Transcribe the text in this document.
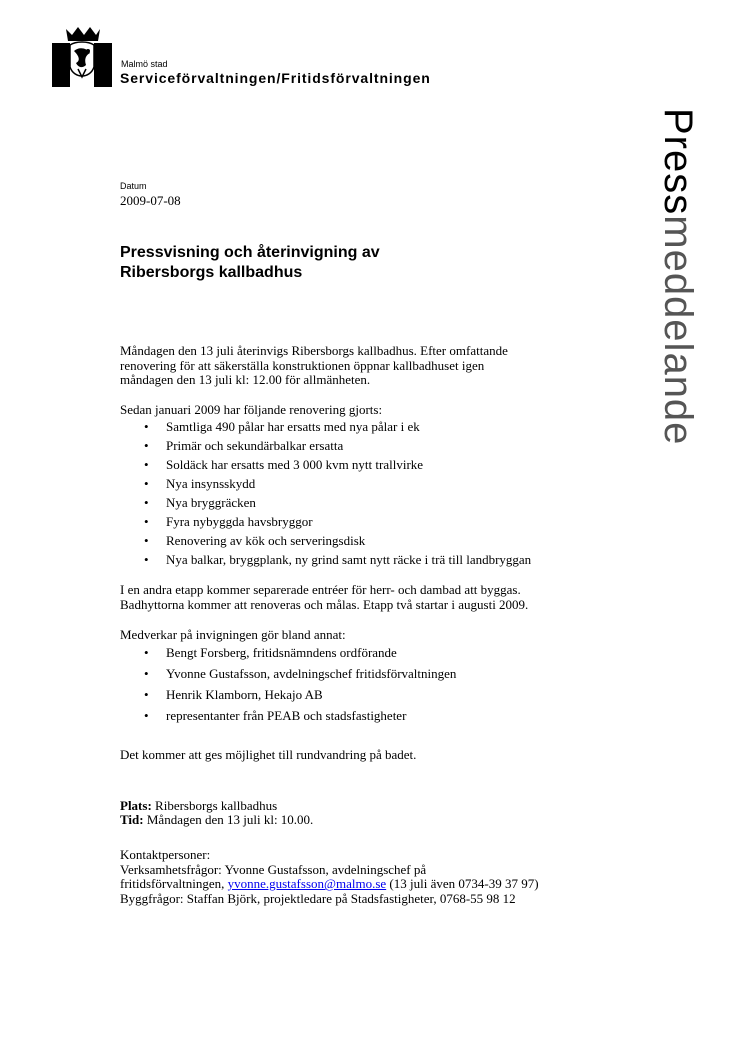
Malmö stad
Serviceförvaltningen/Fritidsförvaltningen
Pressmeddelande
Datum
2009-07-08
Pressvisning och återinvigning av
Ribersborgs kallbadhus

Måndagen den 13 juli återinvigs Ribersborgs kallbadhus. Efter omfattande
renovering för att säkerställa konstruktionen öppnar kallbadhuset igen
måndagen den 13 juli kl: 12.00 för allmänheten.

Sedan januari 2009 har följande renovering gjorts:

• Samtliga 490 pålar har ersatts med nya pålar i ek
• Primär och sekundärbalkar ersatta
• Soldäck har ersatts med 3 000 kvm nytt trallvirke
• Nya insynsskydd
• Nya bryggräcken
• Fyra nybyggda havsbryggor
• Renovering av kök och serveringsdisk
• Nya balkar, bryggplank, ny grind samt nytt räcke i trä till landbryggan

I en andra etapp kommer separerade entréer för herr- och dambad att byggas.
Badhyttorna kommer att renoveras och målas. Etapp två startar i augusti 2009.

Medverkar på invigningen gör bland annat:

• Bengt Forsberg, fritidsnämndens ordförande
• Yvonne Gustafsson, avdelningschef fritidsförvaltningen
• Henrik Klamborn, Hekajo AB
• representanter från PEAB och stadsfastigheter

Det kommer att ges möjlighet till rundvandring på badet.

Plats: Ribersborgs kallbadhus
Tid: Måndagen den 13 juli kl: 10.00.

Kontaktpersoner:
Verksamhetsfrågor: Yvonne Gustafsson, avdelningschef på
fritidsförvaltningen, yvonne.gustafsson@malmo.se (13 juli även 0734-39 37 97)
Byggfrågor: Staffan Björk, projektledare på Stadsfastigheter, 0768-55 98 12
